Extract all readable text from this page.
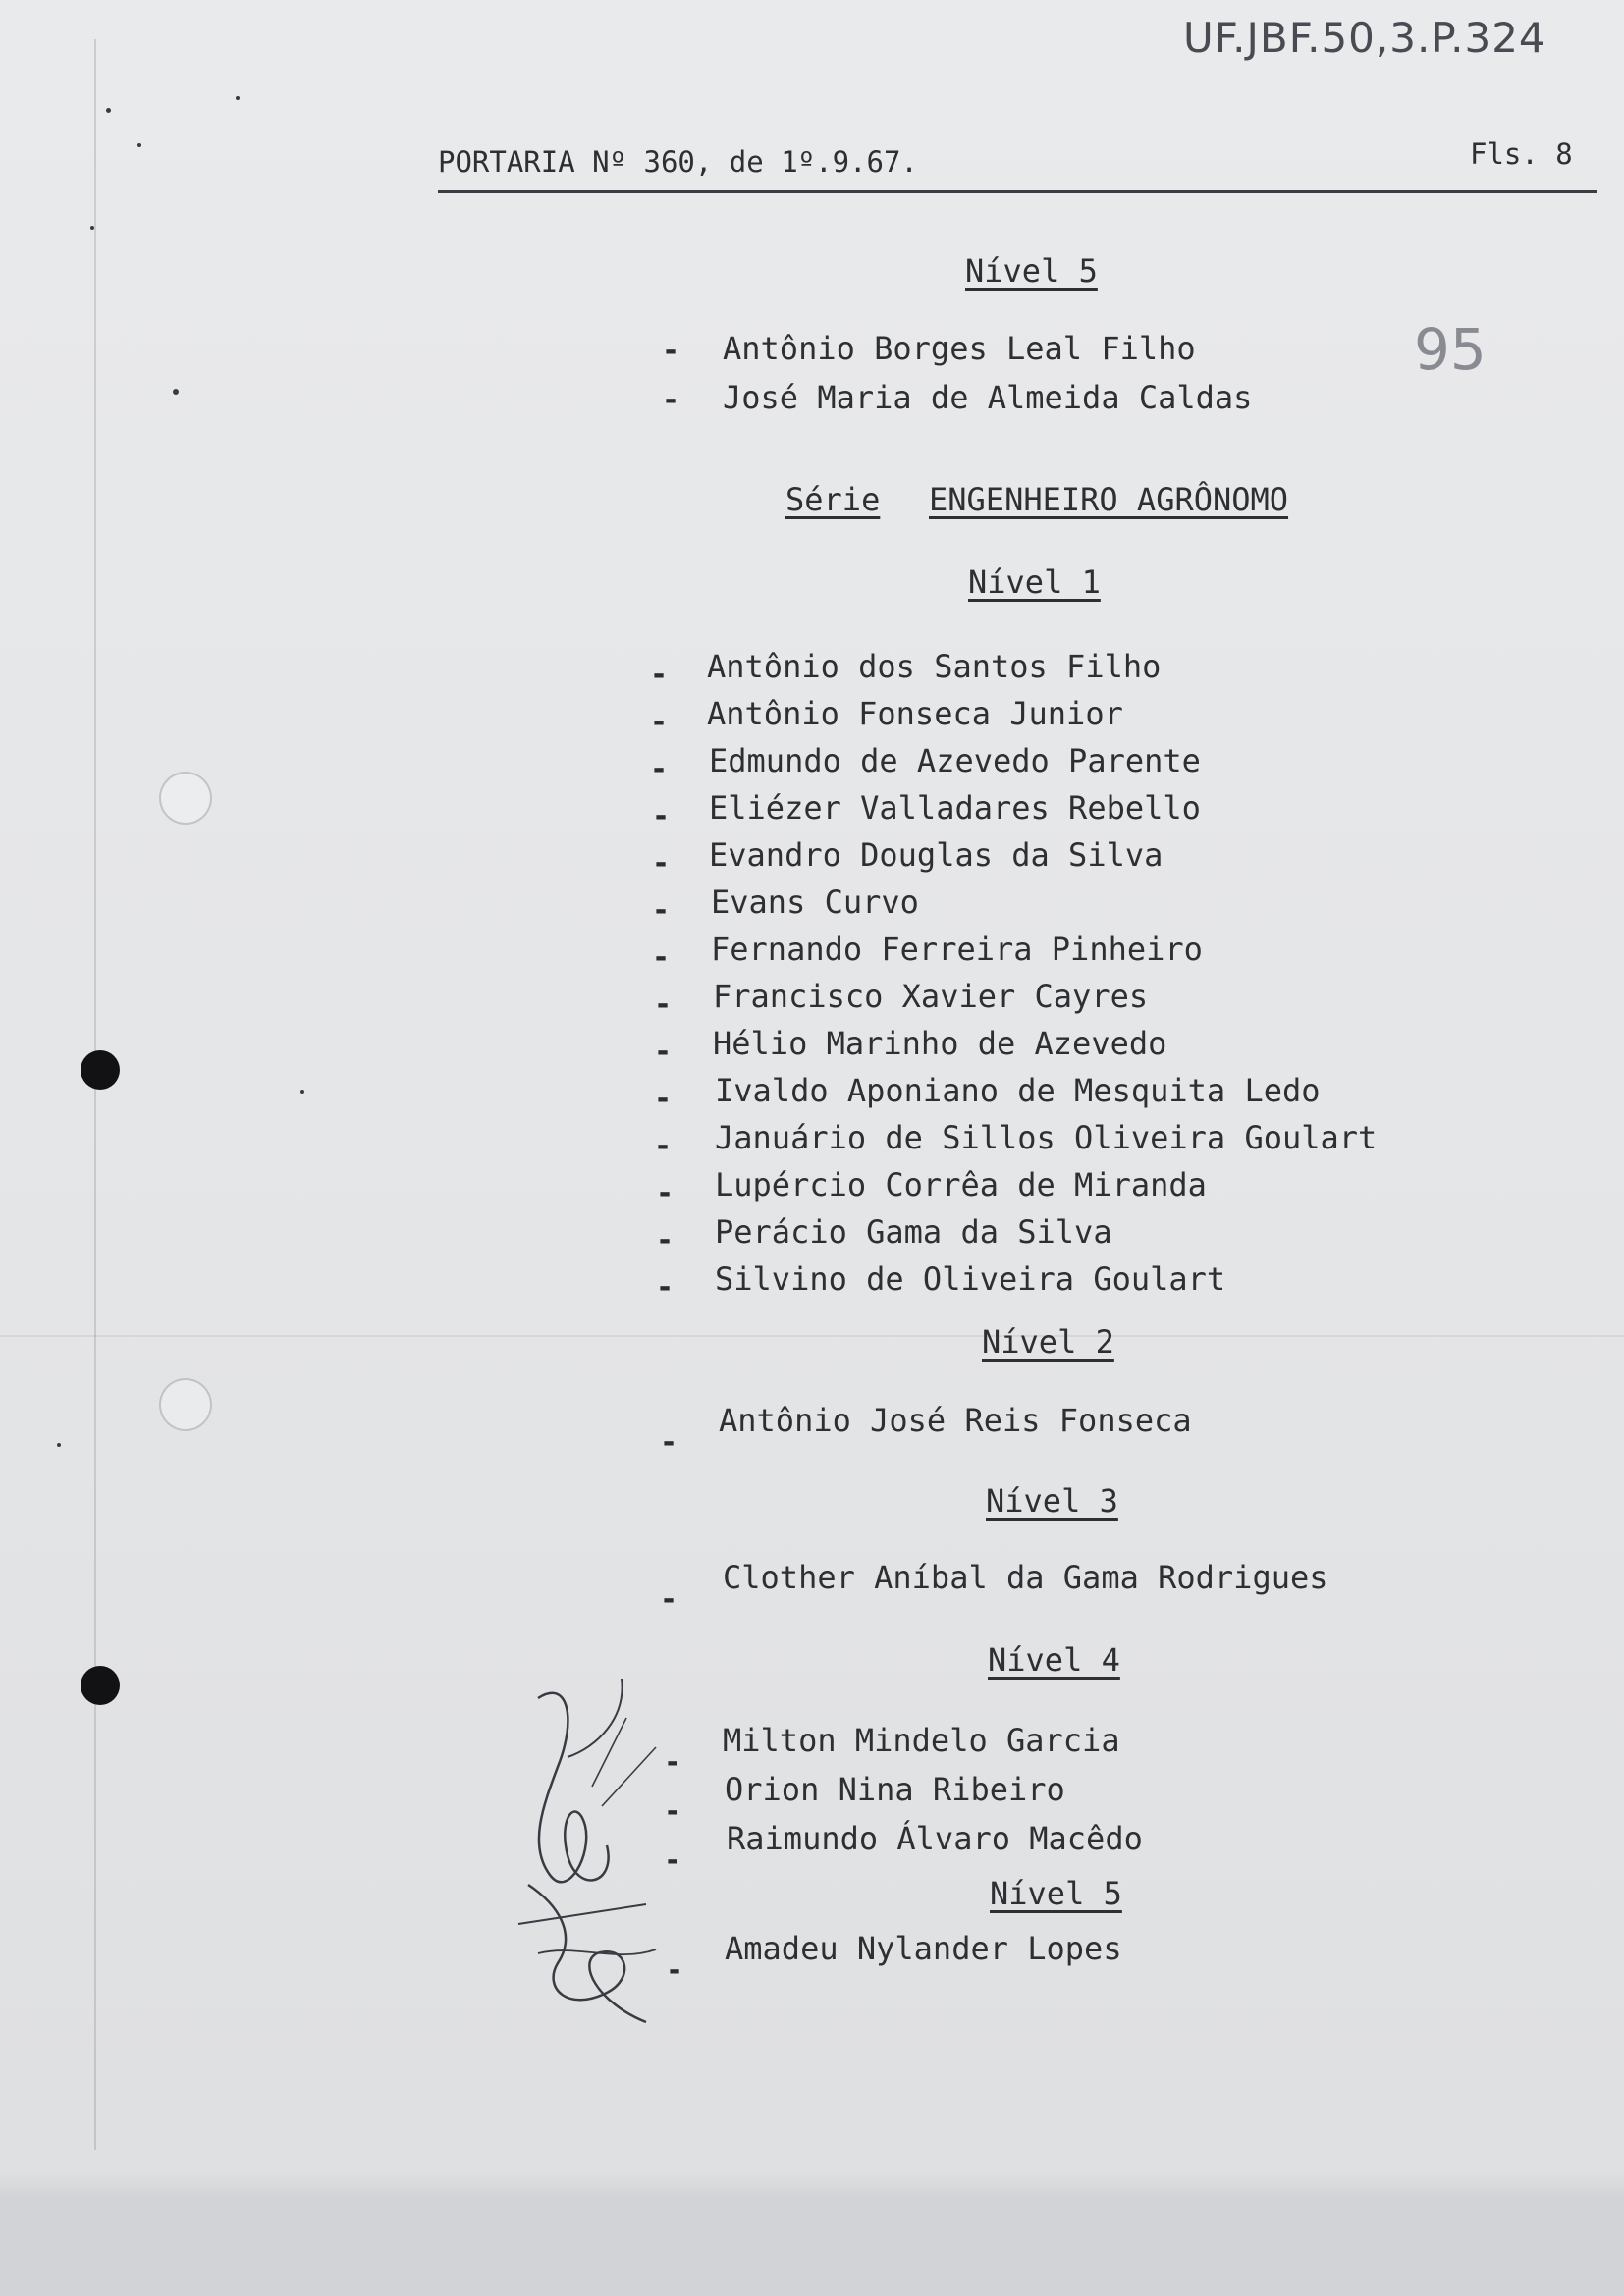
UF.JBF.50,3.P.324
95
PORTARIA Nº 360, de 1º.9.67.	Fls. 8
Nível 5
- Antônio Borges Leal Filho
- José Maria de Almeida Caldas
Série ENGENHEIRO AGRÔNOMO
Nível 1
- Antônio dos Santos Filho
- Antônio Fonseca Junior
- Edmundo de Azevedo Parente
- Eliézer Valladares Rebello
- Evandro Douglas da Silva
- Evans Curvo
- Fernando Ferreira Pinheiro
- Francisco Xavier Cayres
- Hélio Marinho de Azevedo
- Ivaldo Aponiano de Mesquita Ledo
- Januário de Sillos Oliveira Goulart
- Lupércio Corrêa de Miranda
- Perácio Gama da Silva
- Silvino de Oliveira Goulart
Nível 2
-
Antônio José Reis Fonseca
Nível 3
-
Clother Aníbal da Gama Rodrigues
Nível 4
-
Milton Mindelo Garcia
-
Orion Nina Ribeiro
-
Raimundo Álvaro Macêdo
Nível 5
-
Amadeu Nylander Lopes
